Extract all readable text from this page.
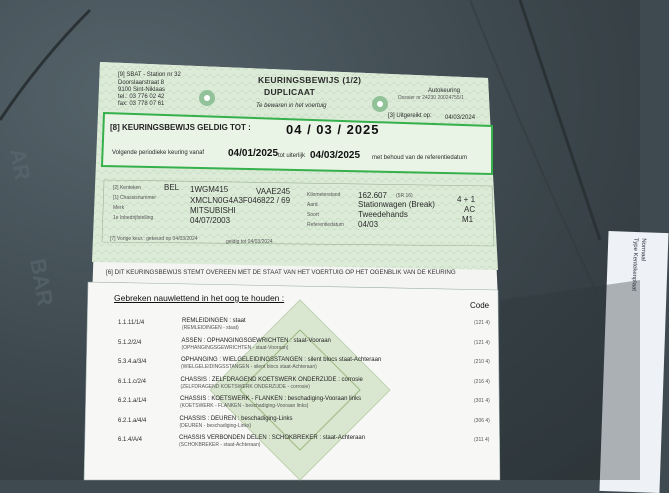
AR
BAR
Normaal
Type Kentekenplaat
[9] SBAT - Station nr 32
Doorslaarstraat 8
9100 Sint-Niklaas
tel.: 03 776 02 42
fax: 03 778 07 61
KEURINGSBEWIJS (1/2)
DUPLICAAT
Te bewaren in het voertuig
Autokeuring
Dossier nr 24230 20024755/1
[3] Uitgereikt op: 04/03/2024
[8] KEURINGSBEWIJS GELDIG TOT :	04 / 03 / 2025
Volgende periodieke keuring vanaf 04/01/2025 tot uiterlijk 04/03/2025 met behoud van de referentiedatum
[2] Kenteken	BEL 1WGM415	VAAE245
[1] Chassisnummer	XMCLN0G4A3F046822 / 69
Merk	MITSUBISHI
1e Inbedrijfstelling	04/07/2003
Kilometerstand 162.607 (5R 16)
Aard	Stationwagen (Break)
Soort	Tweedehands
Referentiedatum 04/03
4 + 1
AC
M1
[7] Vorige keur.: gekeurd op 04/03/2024	geldig tot 04/03/2024
[6] DIT KEURINGSBEWIJS STEMT OVEREEN MET DE STAAT VAN HET VOERTUIG OP HET OGENBLIK VAN DE KEURING
Gebreken nauwlettend in het oog te houden :
Code
1.1.11/1/4	REMLEIDINGEN : staat
(REMLEIDINGEN - staat)
(121 4)
5.1.2/2/4	ASSEN : OPHANGINGSGEWRICHTEN : staat-Vooraan
(OPHANGINGSGEWRICHTEN - staat-Vooraan)
(121 4)
5.3.4.a/3/4	OPHANGING : WIELGELEIDINGSSTANGEN : silent blocs staat-Achteraan
(WIELGELEIDINGSSTANGEN - silent blocs staat-Achteraan)
(210 4)
6.1.1.c/2/4	CHASSIS : ZELFDRAGEND KOETSWERK ONDERZIJDE : corrosie
(ZELFDRAGEND KOETSWERK ONDERZIJDE - corrosie)
(216 4)
6.2.1.a/1/4	CHASSIS : KOETSWERK - FLANKEN : beschadiging-Vooraan links
(KOETSWERK - FLANKEN - beschadiging-Vooraan links)
(301 4)
6.2.1.a/4/4	CHASSIS : DEUREN : beschadiging-Links
(DEUREN - beschadiging-Links)
(306 4)
6.1.4/A/4	CHASSIS VERBONDEN DELEN : SCHOKBREKER : staat-Achteraan
(SCHOKBREKER - staat-Achteraan)
(311 4)
